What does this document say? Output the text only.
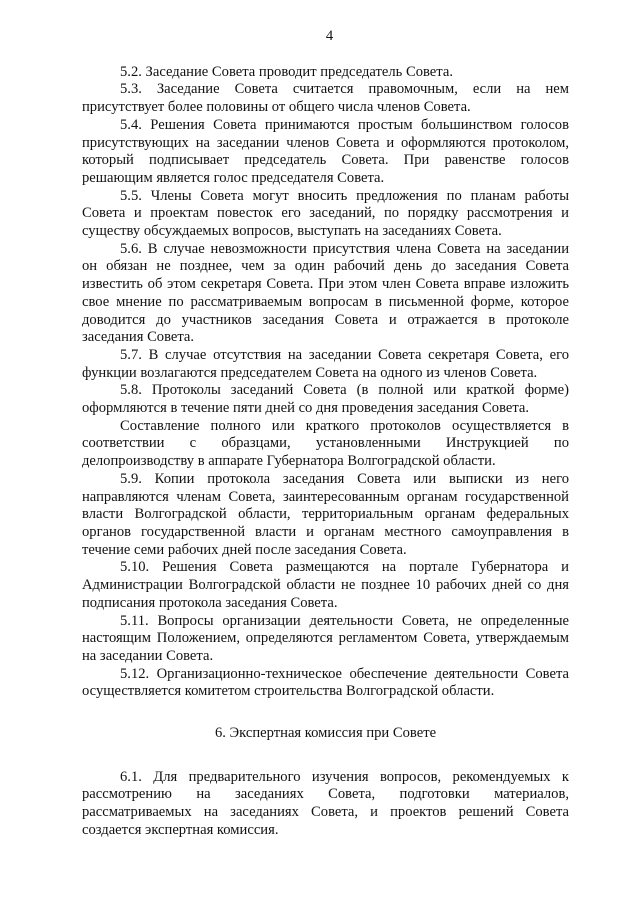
4

5.2. Заседание Совета проводит председатель Совета.

5.3. Заседание Совета считается правомочным, если на нем присутствует более половины от общего числа членов Совета.

5.4. Решения Совета принимаются простым большинством голосов присутствующих на заседании членов Совета и оформляются протоколом, который подписывает председатель Совета. При равенстве голосов решающим является голос председателя Совета.

5.5. Члены Совета могут вносить предложения по планам работы Совета и проектам повесток его заседаний, по порядку рассмотрения и существу обсуждаемых вопросов, выступать на заседаниях Совета.

5.6. В случае невозможности присутствия члена Совета на заседании он обязан не позднее, чем за один рабочий день до заседания Совета известить об этом секретаря Совета. При этом член Совета вправе изложить свое мнение по рассматриваемым вопросам в письменной форме, которое доводится до участников заседания Совета и отражается в протоколе заседания Совета.

5.7. В случае отсутствия на заседании Совета секретаря Совета, его функции возлагаются председателем Совета на одного из членов Совета.

5.8. Протоколы заседаний Совета (в полной или краткой форме) оформляются в течение пяти дней со дня проведения заседания Совета.

Составление полного или краткого протоколов осуществляется в соответствии с образцами, установленными Инструкцией по делопроизводству в аппарате Губернатора Волгоградской области.

5.9. Копии протокола заседания Совета или выписки из него направляются членам Совета, заинтересованным органам государственной власти Волгоградской области, территориальным органам федеральных органов государственной власти и органам местного самоуправления в течение семи рабочих дней после заседания Совета.

5.10. Решения Совета размещаются на портале Губернатора и Администрации Волгоградской области не позднее 10 рабочих дней со дня подписания протокола заседания Совета.

5.11. Вопросы организации деятельности Совета, не определенные настоящим Положением, определяются регламентом Совета, утверждаемым на заседании Совета.

5.12. Организационно-техническое обеспечение деятельности Совета осуществляется комитетом строительства Волгоградской области.

6. Экспертная комиссия при Совете

6.1. Для предварительного изучения вопросов, рекомендуемых к рассмотрению на заседаниях Совета, подготовки материалов, рассматриваемых на заседаниях Совета, и проектов решений Совета создается экспертная комиссия.
